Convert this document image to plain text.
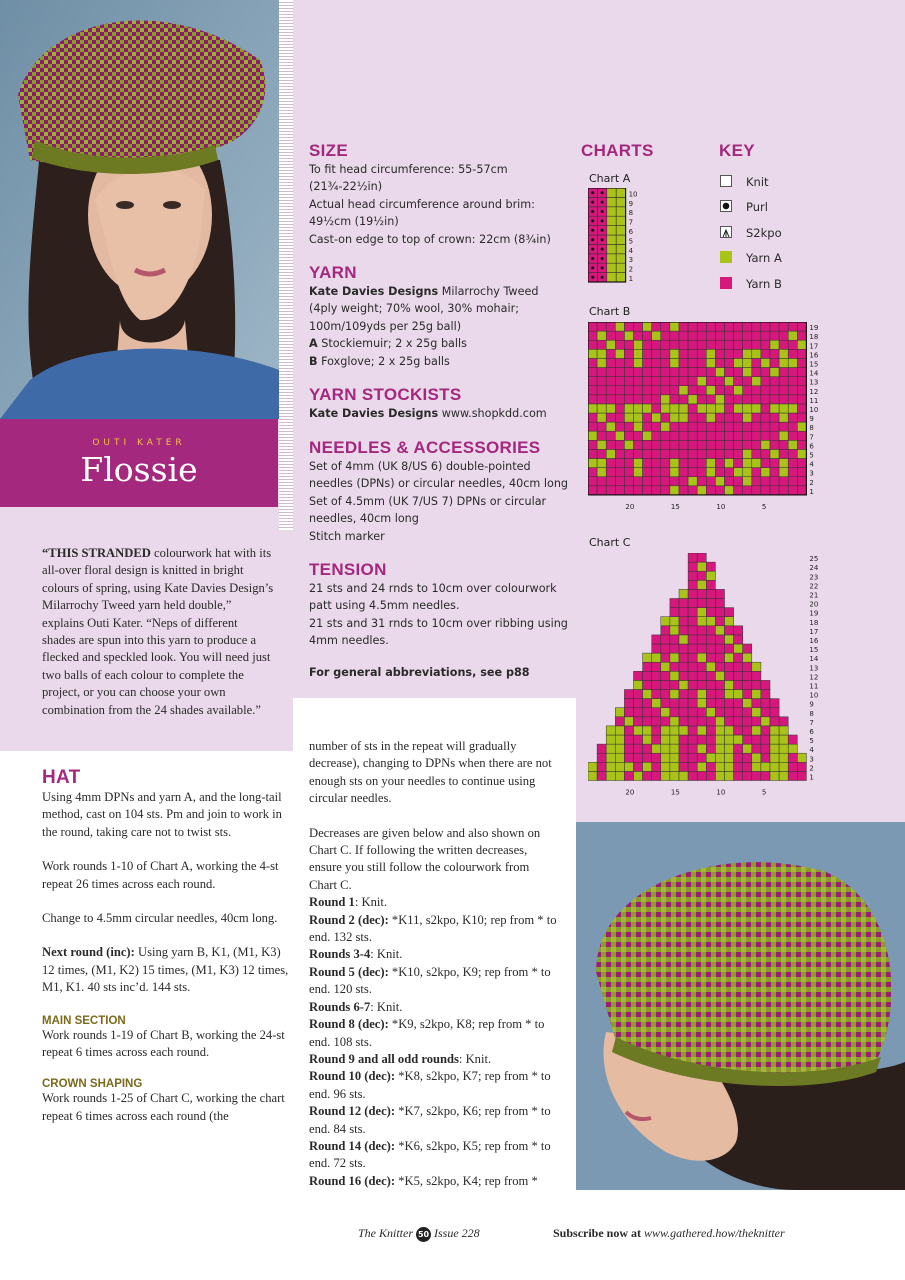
OUTI KATER
Flossie
“THIS STRANDED colourwork hat with its all-over floral design is knitted in bright colours of spring, using Kate Davies Design’s Milarrochy Tweed yarn held double,” explains Outi Kater. “Neps of different shades are spun into this yarn to produce a flecked and speckled look. You will need just two balls of each colour to complete the project, or you can choose your own combination from the 24 shades available.”
SIZE
To fit head circumference: 55-57cm
(21¾-22½in)
Actual head circumference around brim:
49½cm (19½in)
Cast-on edge to top of crown: 22cm (8¾in)
YARN
Kate Davies Designs Milarrochy Tweed
(4ply weight; 70% wool, 30% mohair;
100m/109yds per 25g ball)
A Stockiemuir; 2 x 25g balls
B Foxglove; 2 x 25g balls
YARN STOCKISTS
Kate Davies Designs www.shopkdd.com
NEEDLES & ACCESSORIES
Set of 4mm (UK 8/US 6) double-pointed
needles (DPNs) or circular needles, 40cm long
Set of 4.5mm (UK 7/US 7) DPNs or circular
needles, 40cm long
Stitch marker
TENSION
21 sts and 24 rnds to 10cm over colourwork
patt using 4.5mm needles.
21 sts and 31 rnds to 10cm over ribbing using
4mm needles.
For general abbreviations, see p88
CHARTS	KEY
Knit
Purl
S2kpo
Yarn A
Yarn B
Chart A
Chart B
Chart C
1
2
3
4
5
6
7
8
9
10
1
2
3
4
5
6
7
8
9
10
11
12
13
14
15
16
17
18
19
20	15	10	5
1
2
3
4
5
6
7
8
9
10
11
12
13
14
15
16
17
18
19
20
21
22
23
24
25
20	15	10	5
HAT
Using 4mm DPNs and yarn A, and the long-tail method, cast on 104 sts. Pm and join to work in the round, taking care not to twist sts.
Work rounds 1-10 of Chart A, working the 4-st repeat 26 times across each round.
Change to 4.5mm circular needles, 40cm long.
Next round (inc): Using yarn B, K1, (M1, K3) 12 times, (M1, K2) 15 times, (M1, K3) 12 times, M1, K1. 40 sts inc’d. 144 sts.
MAIN SECTION
Work rounds 1-19 of Chart B, working the 24-st repeat 6 times across each round.
CROWN SHAPING
Work rounds 1-25 of Chart C, working the chart repeat 6 times across each round (the
number of sts in the repeat will gradually decrease), changing to DPNs when there are not enough sts on your needles to continue using circular needles.
Decreases are given below and also shown on Chart C. If following the written decreases, ensure you still follow the colourwork from Chart C.
Round 1: Knit.
Round 2 (dec): *K11, s2kpo, K10; rep from * to end. 132 sts.
Rounds 3-4: Knit.
Round 5 (dec): *K10, s2kpo, K9; rep from * to end. 120 sts.
Rounds 6-7: Knit.
Round 8 (dec): *K9, s2kpo, K8; rep from * to end. 108 sts.
Round 9 and all odd rounds: Knit.
Round 10 (dec): *K8, s2kpo, K7; rep from * to end. 96 sts.
Round 12 (dec): *K7, s2kpo, K6; rep from * to end. 84 sts.
Round 14 (dec): *K6, s2kpo, K5; rep from * to end. 72 sts.
Round 16 (dec): *K5, s2kpo, K4; rep from *
The Knitter 50 Issue 228	Subscribe now at www.gathered.how/theknitter
